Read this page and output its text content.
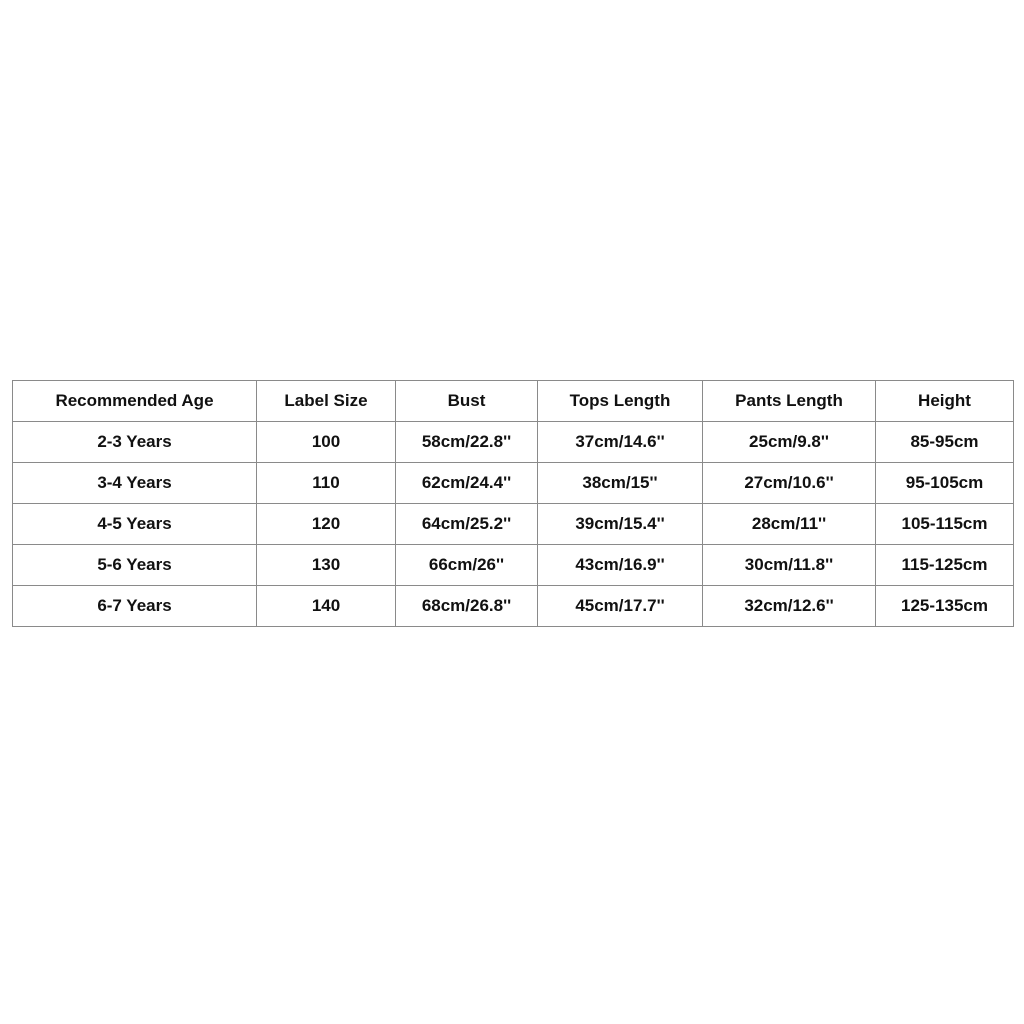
Recommended Age	Label Size	Bust	Tops Length	Pants Length	Height
2-3 Years	100	58cm/22.8''	37cm/14.6''	25cm/9.8''	85-95cm
3-4 Years	110	62cm/24.4''	38cm/15''	27cm/10.6''	95-105cm
4-5 Years	120	64cm/25.2''	39cm/15.4''	28cm/11''	105-115cm
5-6 Years	130	66cm/26''	43cm/16.9''	30cm/11.8''	115-125cm
6-7 Years	140	68cm/26.8''	45cm/17.7''	32cm/12.6''	125-135cm
